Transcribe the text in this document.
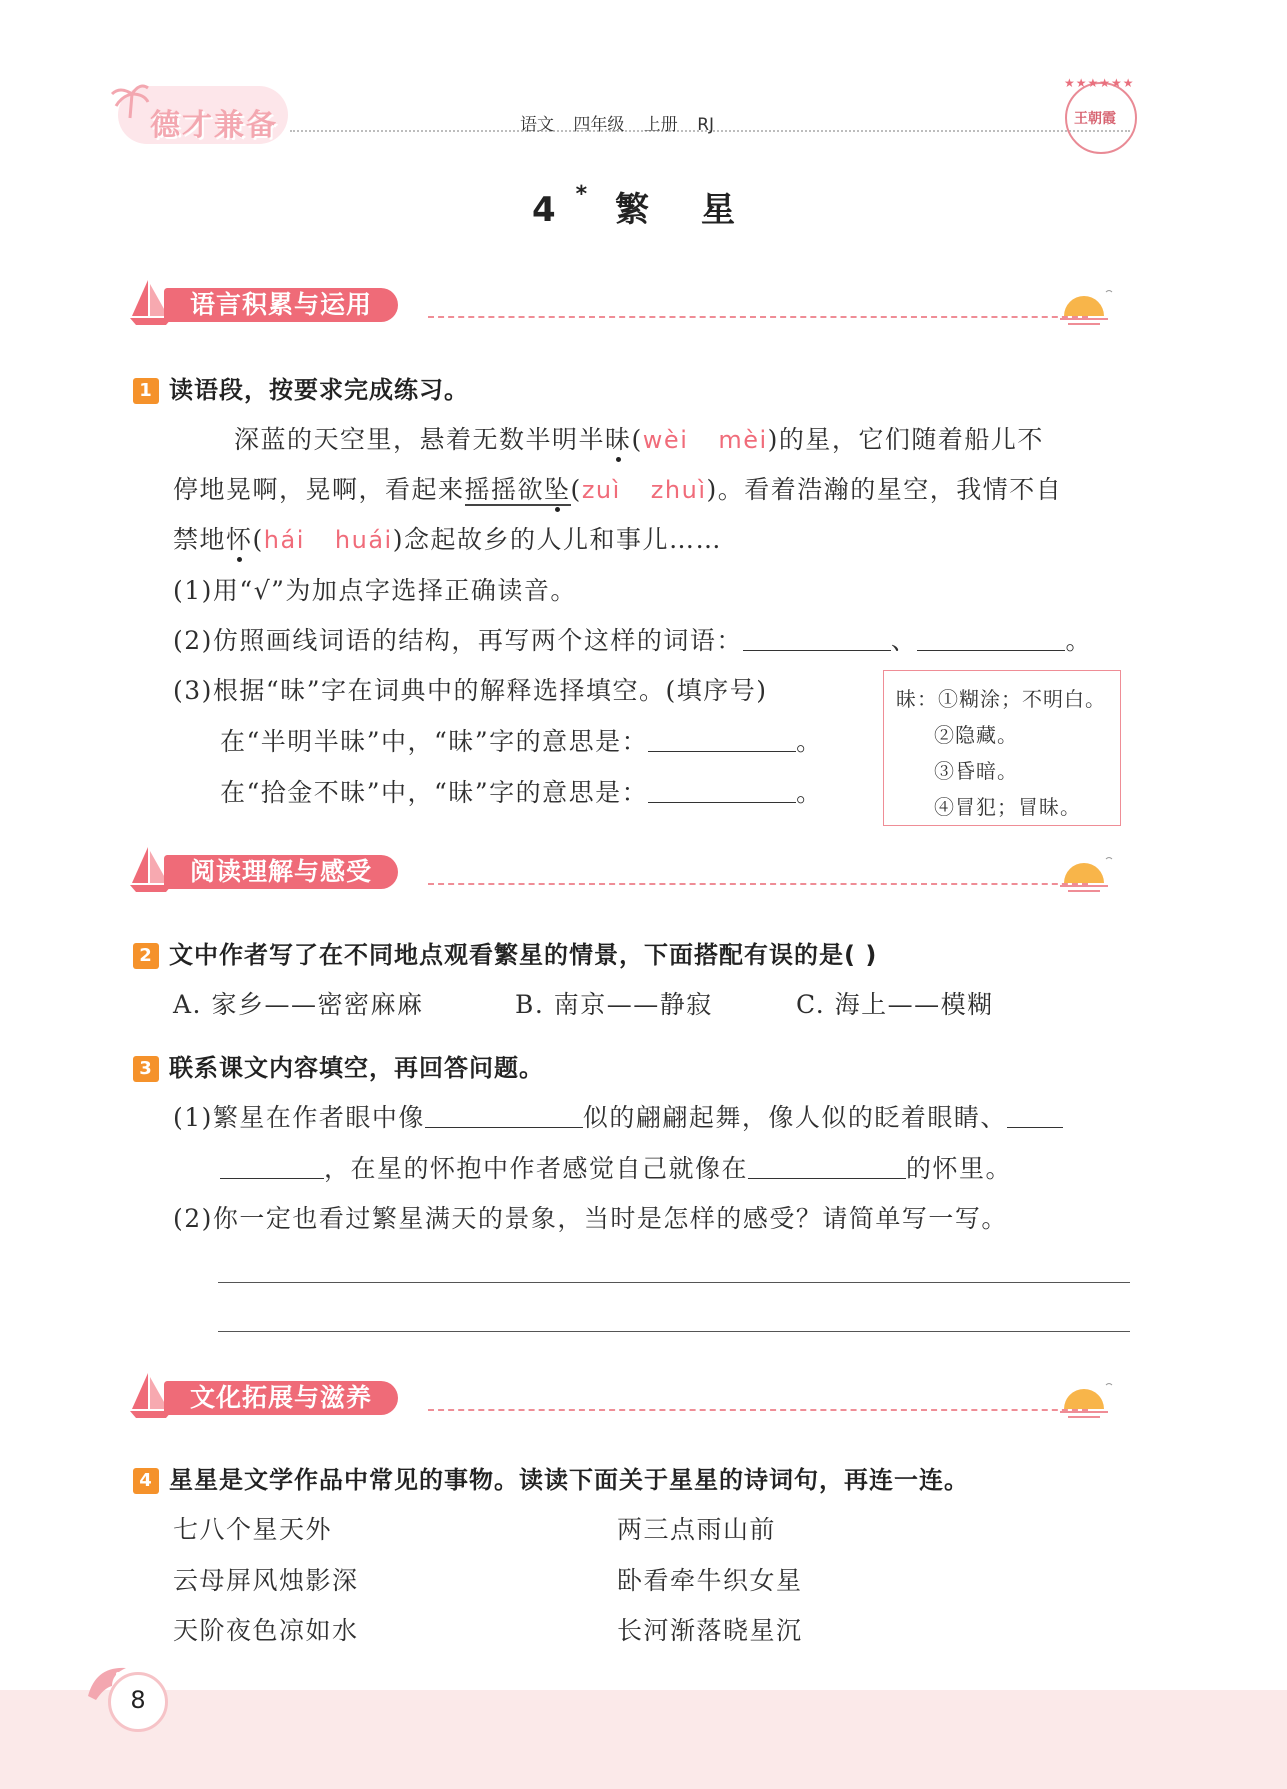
德才兼备	语文 四年级 上册 RJ
★★★★★★
王朝霞
4*繁 星
语言积累与运用
1 读语段，按要求完成练习。
深蓝的天空里，悬着无数半明半昧(wèi mèi)的星，它们随着船儿不
停地晃啊，晃啊，看起来摇摇欲坠(zuì zhuì)。看着浩瀚的星空，我情不自
禁地怀(hái huái)念起故乡的人儿和事儿……
(1)用“√”为加点字选择正确读音。
(2)仿照画线词语的结构，再写两个这样的词语：	、	。
(3)根据“昧”字在词典中的解释选择填空。(填序号)
在“半明半昧”中，“昧”字的意思是：	。
在“拾金不昧”中，“昧”字的意思是：	。
昧：①糊涂；不明白。
②隐藏。
③昏暗。
④冒犯；冒昧。
阅读理解与感受
2 文中作者写了在不同地点观看繁星的情景，下面搭配有误的是( )
A. 家乡——密密麻麻	B. 南京——静寂	C. 海上——模糊
3 联系课文内容填空，再回答问题。
(1)繁星在作者眼中像	似的翩翩起舞，像人似的眨着眼睛、
，在星的怀抱中作者感觉自己就像在	的怀里。
(2)你一定也看过繁星满天的景象，当时是怎样的感受？请简单写一写。
文化拓展与滋养
4 星星是文学作品中常见的事物。读读下面关于星星的诗词句，再连一连。
七八个星天外
云母屏风烛影深
天阶夜色凉如水
两三点雨山前
卧看牵牛织女星
长河渐落晓星沉
8
